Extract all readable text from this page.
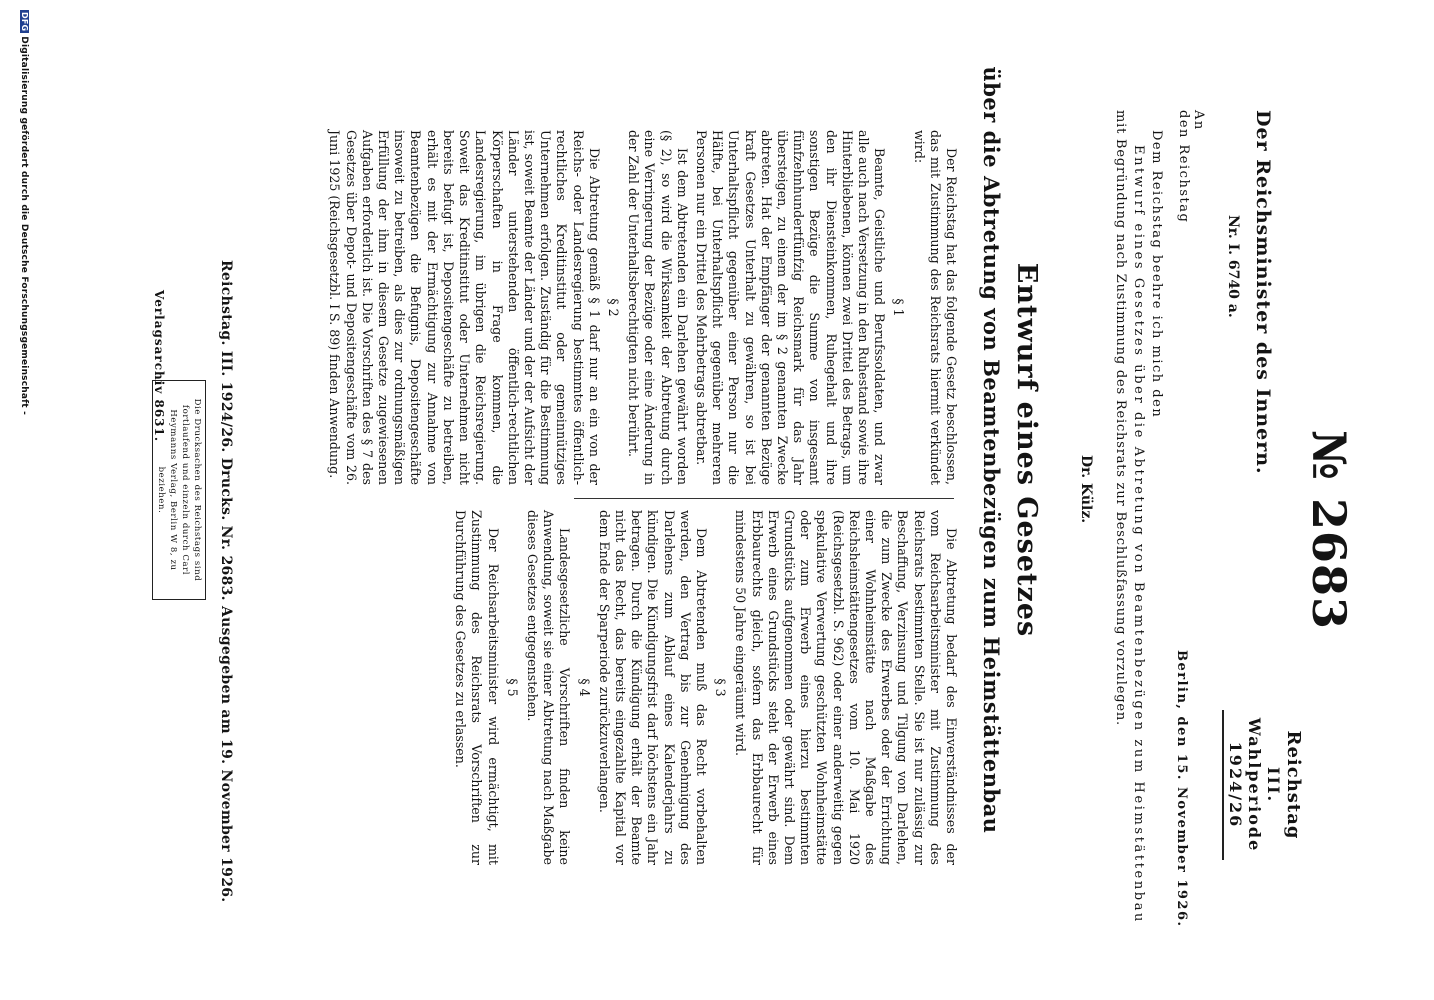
Reichstag
III. Wahlperiode
1924/26
№ 2683
Der Reichsminister des Innern.
Nr. I. 6740 a.
An
den Reichstag
Berlin, den 15. November 1926.
Dem Reichstag beehre ich mich den
Entwurf eines Gesetzes über die Abtretung von Beamtenbezügen zum Heimstättenbau
mit Begründung nach Zustimmung des Reichsrats zur Beschlußfassung vorzulegen.
Dr. Külz.
Entwurf eines Gesetzes
über die Abtretung von Beamtenbezügen zum Heimstättenbau

Der Reichstag hat das folgende Gesetz beschlossen, das mit Zustimmung des Reichsrats hiermit verkündet wird:

§ 1

Beamte, Geistliche und Berufssoldaten, und zwar alle auch nach Versetzung in den Ruhestand sowie ihre Hinterbliebenen, können zwei Drittel des Betrags, um den ihr Diensteinkommen, Ruhegehalt und ihre sonstigen Bezüge die Summe von insgesamt fünfzehnhundertfünfzig Reichsmark für das Jahr übersteigen, zu einem der im § 2 genannten Zwecke abtreten. Hat der Empfänger der genannten Bezüge kraft Gesetzes Unterhalt zu gewähren, so ist bei Unterhaltspflicht gegenüber einer Person nur die Hälfte, bei Unterhaltspflicht gegenüber mehreren Personen nur ein Drittel des Mehrbetrags abtretbar.

Ist dem Abtretenden ein Darlehen gewährt worden (§ 2), so wird die Wirksamkeit der Abtretung durch eine Verringerung der Bezüge oder eine Änderung in der Zahl der Unterhaltsberechtigten nicht berührt.

§ 2

Die Abtretung gemäß § 1 darf nur an ein von der Reichs- oder Landesregierung bestimmtes öffentlich-rechtliches Kreditinstitut oder gemeinnütziges Unternehmen erfolgen. Zuständig für die Bestimmung ist, soweit Beamte der Länder und der der Aufsicht der Länder unterstehenden öffentlich-rechtlichen Körperschaften in Frage kommen, die Landesregierung, im übrigen die Reichsregierung. Soweit das Kreditinstitut oder Unternehmen nicht bereits befugt ist, Depositengeschäfte zu betreiben, erhält es mit der Ermächtigung zur Annahme von Beamtenbezügen die Befugnis, Depositengeschäfte insoweit zu betreiben, als dies zur ordnungsmäßigen Erfüllung der ihm in diesem Gesetze zugewiesenen Aufgaben erforderlich ist. Die Vorschriften des § 7 des Gesetzes über Depot- und Depositengeschäfte vom 26. Juni 1925 (Reichsgesetzbl. I S. 89) finden Anwendung.

Die Abtretung bedarf des Einverständnisses der vom Reichsarbeitsminister mit Zustimmung des Reichsrats bestimmten Stelle. Sie ist nur zulässig zur Beschaffung, Verzinsung und Tilgung von Darlehen, die zum Zwecke des Erwerbes oder der Errichtung einer Wohnheimstätte nach Maßgabe des Reichsheimstättengesetzes vom 10. Mai 1920 (Reichsgesetzbl. S. 962) oder einer anderweitig gegen spekulative Verwertung geschützten Wohnheimstätte oder zum Erwerb eines hierzu bestimmten Grundstücks aufgenommen oder gewährt sind. Dem Erwerb eines Grundstücks steht der Erwerb eines Erbbaurechts gleich, sofern das Erbbaurecht für mindestens 50 Jahre eingeräumt wird.

§ 3

Dem Abtretenden muß das Recht vorbehalten werden, den Vertrag bis zur Genehmigung des Darlehens zum Ablauf eines Kalenderjahrs zu kündigen. Die Kündigungsfrist darf höchstens ein Jahr betragen. Durch die Kündigung erhält der Beamte nicht das Recht, das bereits eingezahlte Kapital vor dem Ende der Sparperiode zurückzuverlangen.

§ 4

Landesgesetzliche Vorschriften finden keine Anwendung, soweit sie einer Abtretung nach Maßgabe dieses Gesetzes entgegenstehen.

§ 5

Der Reichsarbeitsminister wird ermächtigt, mit Zustimmung des Reichsrats Vorschriften zur Durchführung des Gesetzes zu erlassen.

Reichstag. III. 1924/26. Drucks. Nr. 2683. Ausgegeben am 19. November 1926.
Die Drucksachen des Reichstags sind fortlaufend und einzeln durch Carl Heymanns Verlag, Berlin W 8, zu beziehen.
Verlagsarchiv 8631.
DFGDigitalisierung gefördert durch die Deutsche Forschungsgemeinschaft -
